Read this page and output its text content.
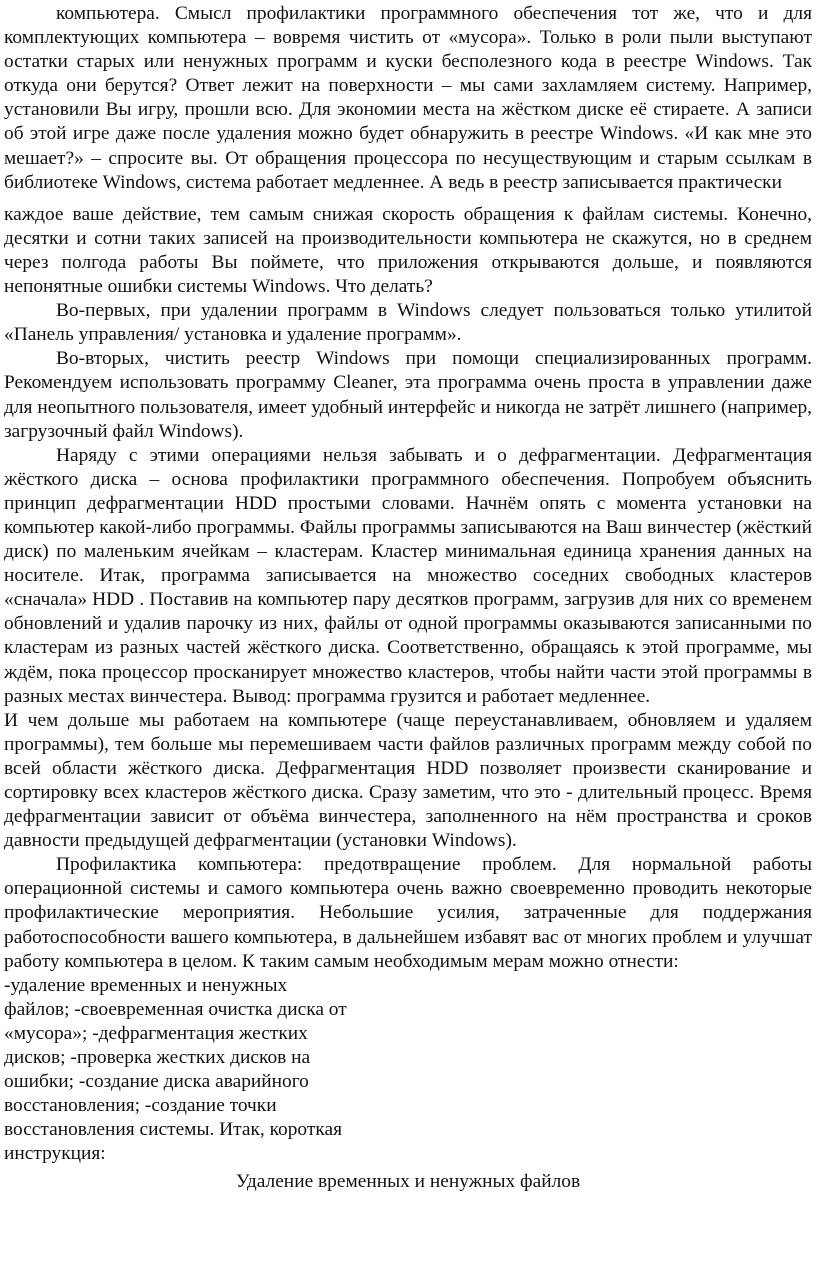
компьютера. Смысл профилактики программного обеспечения тот же, что и для комплектующих компьютера – вовремя чистить от «мусора». Только в роли пыли выступают остатки старых или ненужных программ и куски бесполезного кода в реестре Windows. Так откуда они берутся? Ответ лежит на поверхности – мы сами захламляем систему. Например, установили Вы игру, прошли всю. Для экономии места на жёстком диске её стираете. А записи об этой игре даже после удаления можно будет обнаружить в реестре Windows. «И как мне это мешает?» – спросите вы. От обращения процессора по несуществующим и старым ссылкам в библиотеке Windows, система работает медленнее. А ведь в реестр записывается практически

каждое ваше действие, тем самым снижая скорость обращения к файлам системы. Конечно, десятки и сотни таких записей на производительности компьютера не скажутся, но в среднем через полгода работы Вы поймете, что приложения открываются дольше, и появляются непонятные ошибки системы Windows. Что делать?

Во-первых, при удалении программ в Windows следует пользоваться только утилитой «Панель управления/ установка и удаление программ».

Во-вторых, чистить реестр Windows при помощи специализированных программ. Рекомендуем использовать программу Cleaner, эта программа очень проста в управлении даже для неопытного пользователя, имеет удобный интерфейс и никогда не затрёт лишнего (например, загрузочный файл Windows).

Наряду с этими операциями нельзя забывать и о дефрагментации. Дефрагментация жёсткого диска – основа профилактики программного обеспечения. Попробуем объяснить принцип дефрагментации HDD простыми словами. Начнём опять с момента установки на компьютер какой-либо программы. Файлы программы записываются на Ваш винчестер (жёсткий диск) по маленьким ячейкам – кластерам. Кластер минимальная единица хранения данных на носителе. Итак, программа записывается на множество соседних свободных кластеров «сначала» HDD . Поставив на компьютер пару десятков программ, загрузив для них со временем обновлений и удалив парочку из них, файлы от одной программы оказываются записанными по кластерам из разных частей жёсткого диска. Соответственно, обращаясь к этой программе, мы ждём, пока процессор просканирует множество кластеров, чтобы найти части этой программы в разных местах винчестера. Вывод: программа грузится и работает медленнее.

И чем дольше мы работаем на компьютере (чаще переустанавливаем, обновляем и удаляем программы), тем больше мы перемешиваем части файлов различных программ между собой по всей области жёсткого диска. Дефрагментация HDD позволяет произвести сканирование и сортировку всех кластеров жёсткого диска. Сразу заметим, что это - длительный процесс. Время дефрагментации зависит от объёма винчестера, заполненного на нём пространства и сроков давности предыдущей дефрагментации (установки Windows).

Профилактика компьютера: предотвращение проблем. Для нормальной работы операционной системы и самого компьютера очень важно своевременно проводить некоторые профилактические мероприятия. Небольшие усилия, затраченные для поддержания работоспособности вашего компьютера, в дальнейшем избавят вас от многих проблем и улучшат работу компьютера в целом. К таким самым необходимым мерам можно отнести:

-удаление временных и ненужных файлов; -своевременная очистка диска от «мусора»; -дефрагментация жестких дисков; -проверка жестких дисков на ошибки; -создание диска аварийного восстановления; -создание точки восстановления системы. Итак, короткая инструкция:

Удаление временных и ненужных файлов
